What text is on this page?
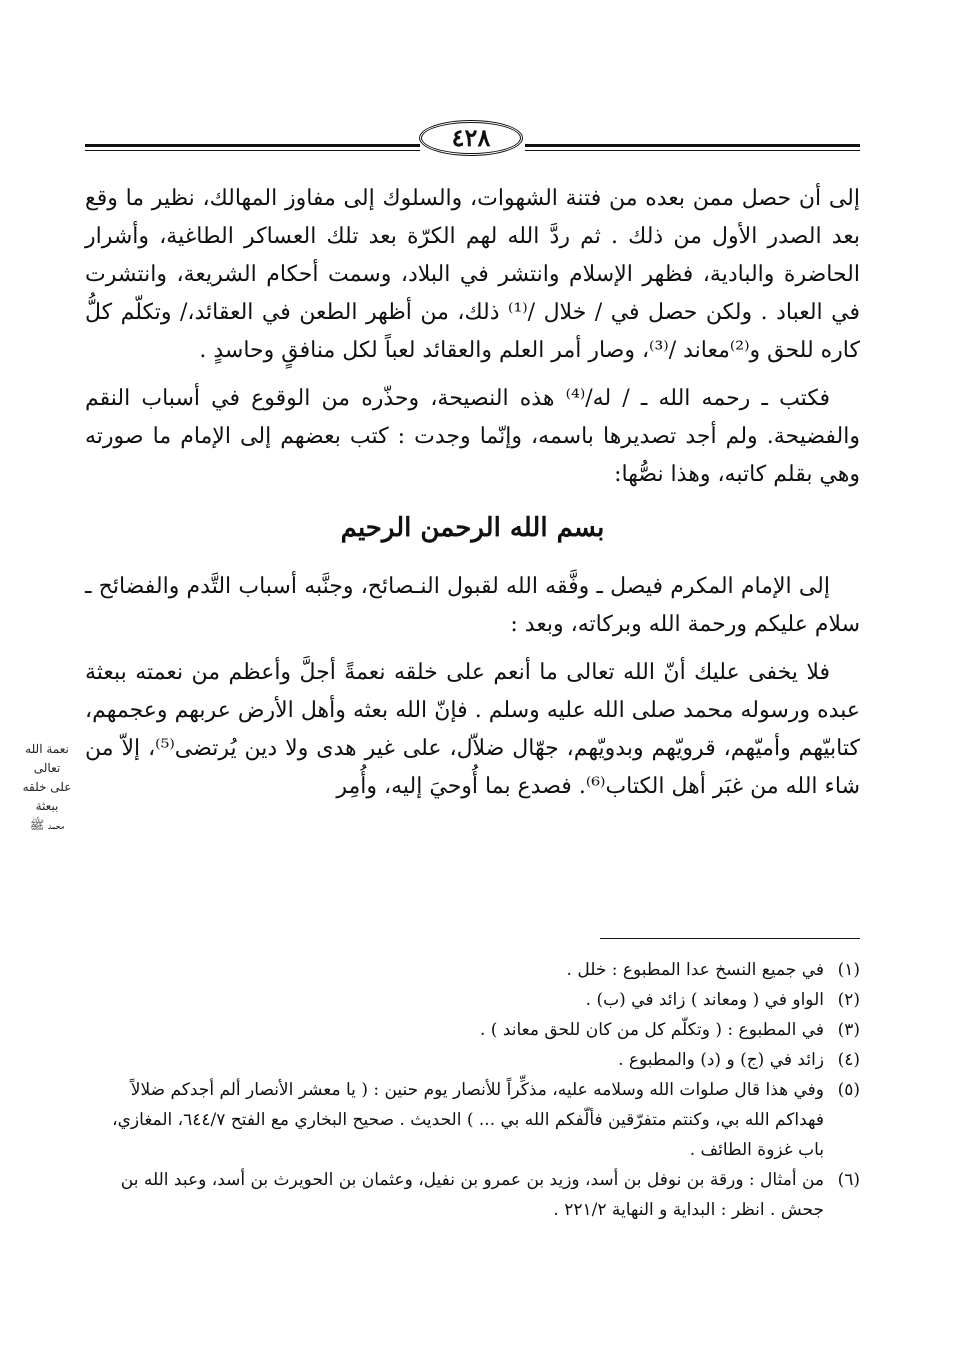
٤٢٨

إلى أن حصل ممن بعده من فتنة الشهوات، والسلوك إلى مفاوز المهالك، نظير ما وقع بعد الصدر الأول من ذلك . ثم ردَّ الله لهم الكرّة بعد تلك العساكر الطاغية، وأشرار الحاضرة والبادية، فظهر الإسلام وانتشر في البلاد، وسمت أحكام الشريعة، وانتشرت في العباد . ولكن حصل في / خلال /⁽¹⁾ ذلك، من أظهر الطعن في العقائد،/ وتكلّم كلُّ كاره للحق و⁽²⁾معاند /⁽³⁾، وصار أمر العلم والعقائد لعباً لكل منافقٍ وحاسدٍ .

فكتب ـ رحمه الله ـ / له/⁽⁴⁾ هذه النصيحة، وحذّره من الوقوع في أسباب النقم والفضيحة. ولم أجد تصديرها باسمه، وإنّما وجدت : كتب بعضهم إلى الإمام ما صورته وهي بقلم كاتبه، وهذا نصُّها:

بسم الله الرحمن الرحيم

إلى الإمام المكرم فيصل ـ وفَّقه الله لقبول النـصائح، وجنَّبه أسباب التَّدم والفضائح ـ سلام عليكم ورحمة الله وبركاته، وبعد :

فلا يخفى عليك أنّ الله تعالى ما أنعم على خلقه نعمةً أجلَّ وأعظم من نعمته ببعثة عبده ورسوله محمد صلى الله عليه وسلم . فإنّ الله بعثه وأهل الأرض عربهم وعجمهم، كتابيّهم وأميّهم، قرويّهم وبدويّهم، جهّال ضلاّل، على غير هدى ولا دين يُرتضى⁽⁵⁾، إلاّ من شاء الله من غبَر أهل الكتاب⁽⁶⁾. فصدع بما أُوحيَ إليه، وأُمِر

نعمة الله
تعالى
على خلقه
ببعثة
محمد ﷺ
(١)
في جميع النسخ عدا المطبوع : خلل .
(٢)
الواو في ( ومعاند ) زائد في (ب) .
(٣)
في المطبوع : ( وتكلّم كل من كان للحق معاند ) .
(٤)
زائد في (ج) و (د) والمطبوع .
(٥)
وفي هذا قال صلوات الله وسلامه عليه، مذكِّراً للأنصار يوم حنين : ( يا معشر الأنصار ألم أجدكم ضلالاً فهداكم الله بي، وكنتم متفرّقين فألّفكم الله بي ... ) الحديث . صحيح البخاري مع الفتح ٦٤٤/٧، المغازي، باب غزوة الطائف .
(٦)
من أمثال : ورقة بن نوفل بن أسد، وزيد بن عمرو بن نفيل، وعثمان بن الحويرث بن أسد، وعبد الله بن جحش . انظر : البداية و النهاية ٢٢١/٢ .
